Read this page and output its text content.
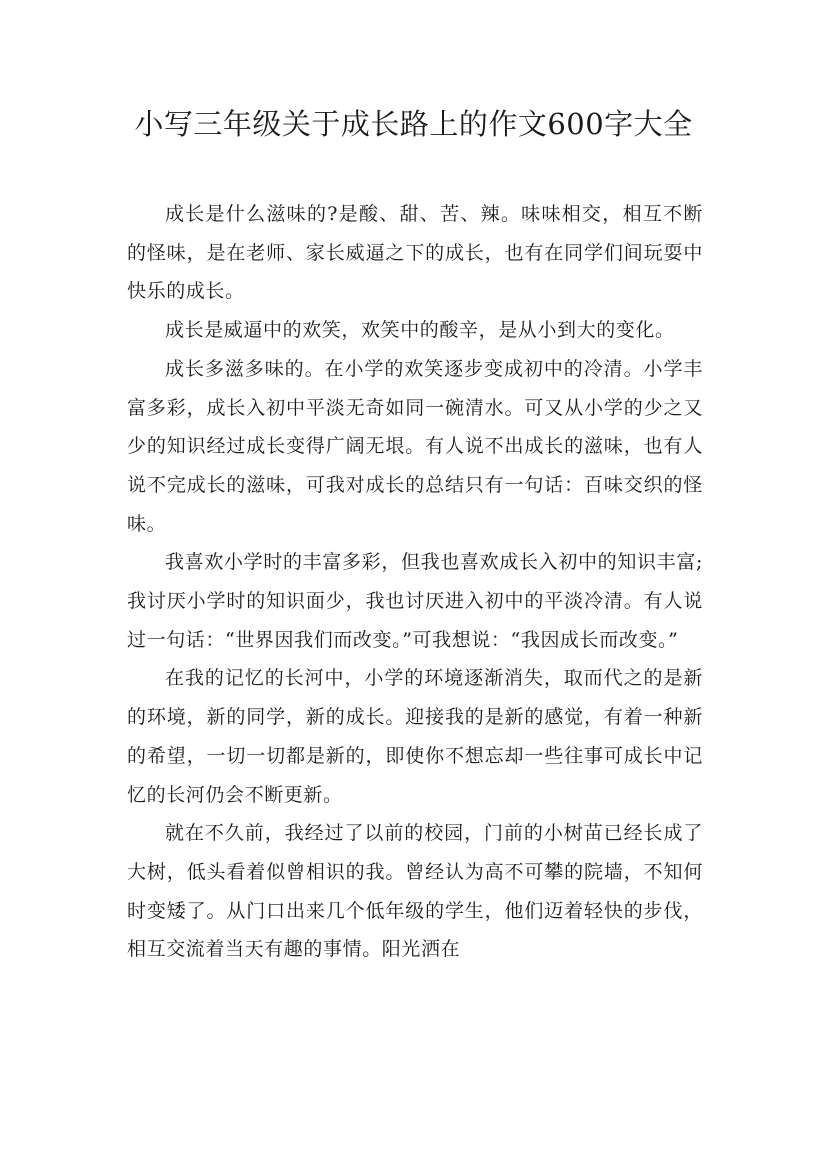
小写三年级关于成长路上的作文600字大全

成长是什么滋味的?是酸、甜、苦、辣。味味相交，相互不断的怪味，是在老师、家长威逼之下的成长，也有在同学们间玩耍中快乐的成长。

成长是威逼中的欢笑，欢笑中的酸辛，是从小到大的变化。

成长多滋多味的。在小学的欢笑逐步变成初中的冷清。小学丰富多彩，成长入初中平淡无奇如同一碗清水。可又从小学的少之又少的知识经过成长变得广阔无垠。有人说不出成长的滋味，也有人说不完成长的滋味，可我对成长的总结只有一句话：百味交织的怪味。

我喜欢小学时的丰富多彩，但我也喜欢成长入初中的知识丰富;我讨厌小学时的知识面少，我也讨厌进入初中的平淡冷清。有人说过一句话：“世界因我们而改变。”可我想说：“我因成长而改变。”

在我的记忆的长河中，小学的环境逐渐消失，取而代之的是新的环境，新的同学，新的成长。迎接我的是新的感觉，有着一种新的希望，一切一切都是新的，即使你不想忘却一些往事可成长中记忆的长河仍会不断更新。

就在不久前，我经过了以前的校园，门前的小树苗已经长成了大树，低头看着似曾相识的我。曾经认为高不可攀的院墙，不知何时变矮了。从门口出来几个低年级的学生，他们迈着轻快的步伐，相互交流着当天有趣的事情。阳光洒在
